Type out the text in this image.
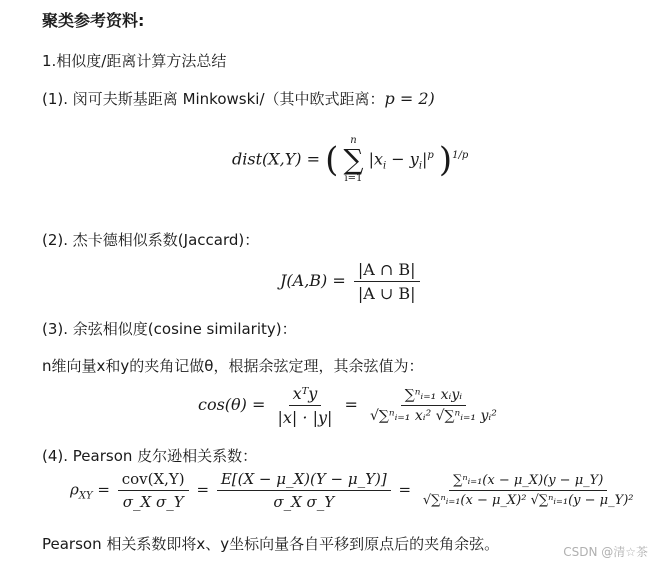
聚类参考资料:
1.相似度/距离计算方法总结
(1). 闵可夫斯基距离 Minkowski/（其中欧式距离：p = 2)
dist(X,Y) = ( n
∑
i=1
$|x_i - y_i|^p$ )$^{1/p}$
(2). 杰卡德相似系数(Jaccard)：
$J(A,B) = \frac{|A \cap B|}{|A \cup B|}$
(3). 余弦相似度(cosine similarity)：
n维向量x和y的夹角记做θ，根据余弦定理，其余弦值为：
$\cos(\theta) = \frac{\text{xᵀy}}{|x| \cdot |y|} = \frac{\text{∑ⁿᵢ₌₁ xᵢyᵢ}}{\text{√∑ⁿᵢ₌₁ xᵢ² √∑ⁿᵢ₌₁ yᵢ²}}$
(4). Pearson 皮尔逊相关系数：
$\rho_{XY} = \frac{\text{cov(X,Y)}}{\text{σ\_X σ\_Y}} = \frac{E[(X - \mu\_X)(Y - \mu\_Y)]}{\text{σ\_X σ\_Y}} = \frac{\text{∑ⁿᵢ₌₁(x − μ\_X)(y − μ\_Y)}}{\text{√∑ⁿᵢ₌₁(x − μ\_X)² √∑ⁿᵢ₌₁(y − μ\_Y)²}}$
Pearson 相关系数即将x、y坐标向量各自平移到原点后的夹角余弦。	CSDN @清☆茶
